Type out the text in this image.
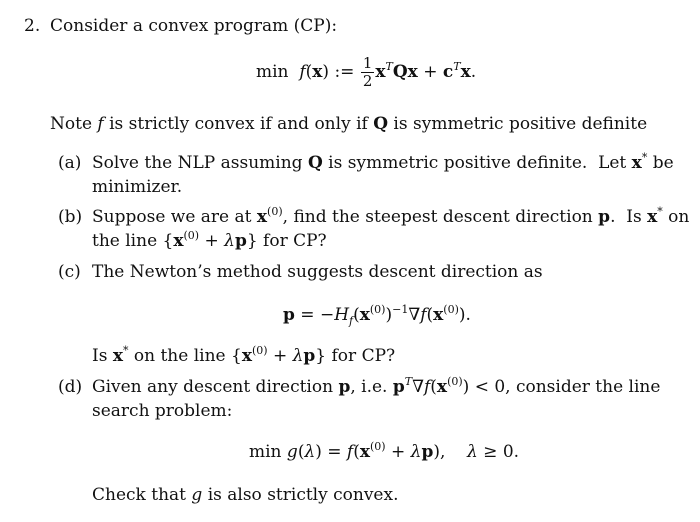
2. Consider a convex program (CP):
min f(x) := $\frac{1}{2} x^TQx + c^Tx$.
Note f is strictly convex if and only if Q is symmetric positive definite
(a) Solve the NLP assuming Q is symmetric positive definite.  Let x* be
minimizer.
(b) Suppose we are at $x^{(0)}$, find the steepest descent direction p.  Is x* on
the line $\{x^{(0)} + \lambda p\}$ for CP?
(c) The Newton’s method suggests descent direction as
$p = -H_f(x^{(0)})^{-1}\nabla f(x^{(0)})$.
Is x* on the line $\{x^{(0)} + \lambda p\}$ for CP?
(d) Given any descent direction p, i.e. $p^T\nabla f(x^{(0)}) < 0$, consider the line
search problem:
$\min g(\lambda) = f(x^{(0)} + \lambda p)$,    λ ≥ 0.
Check that g is also strictly convex.
